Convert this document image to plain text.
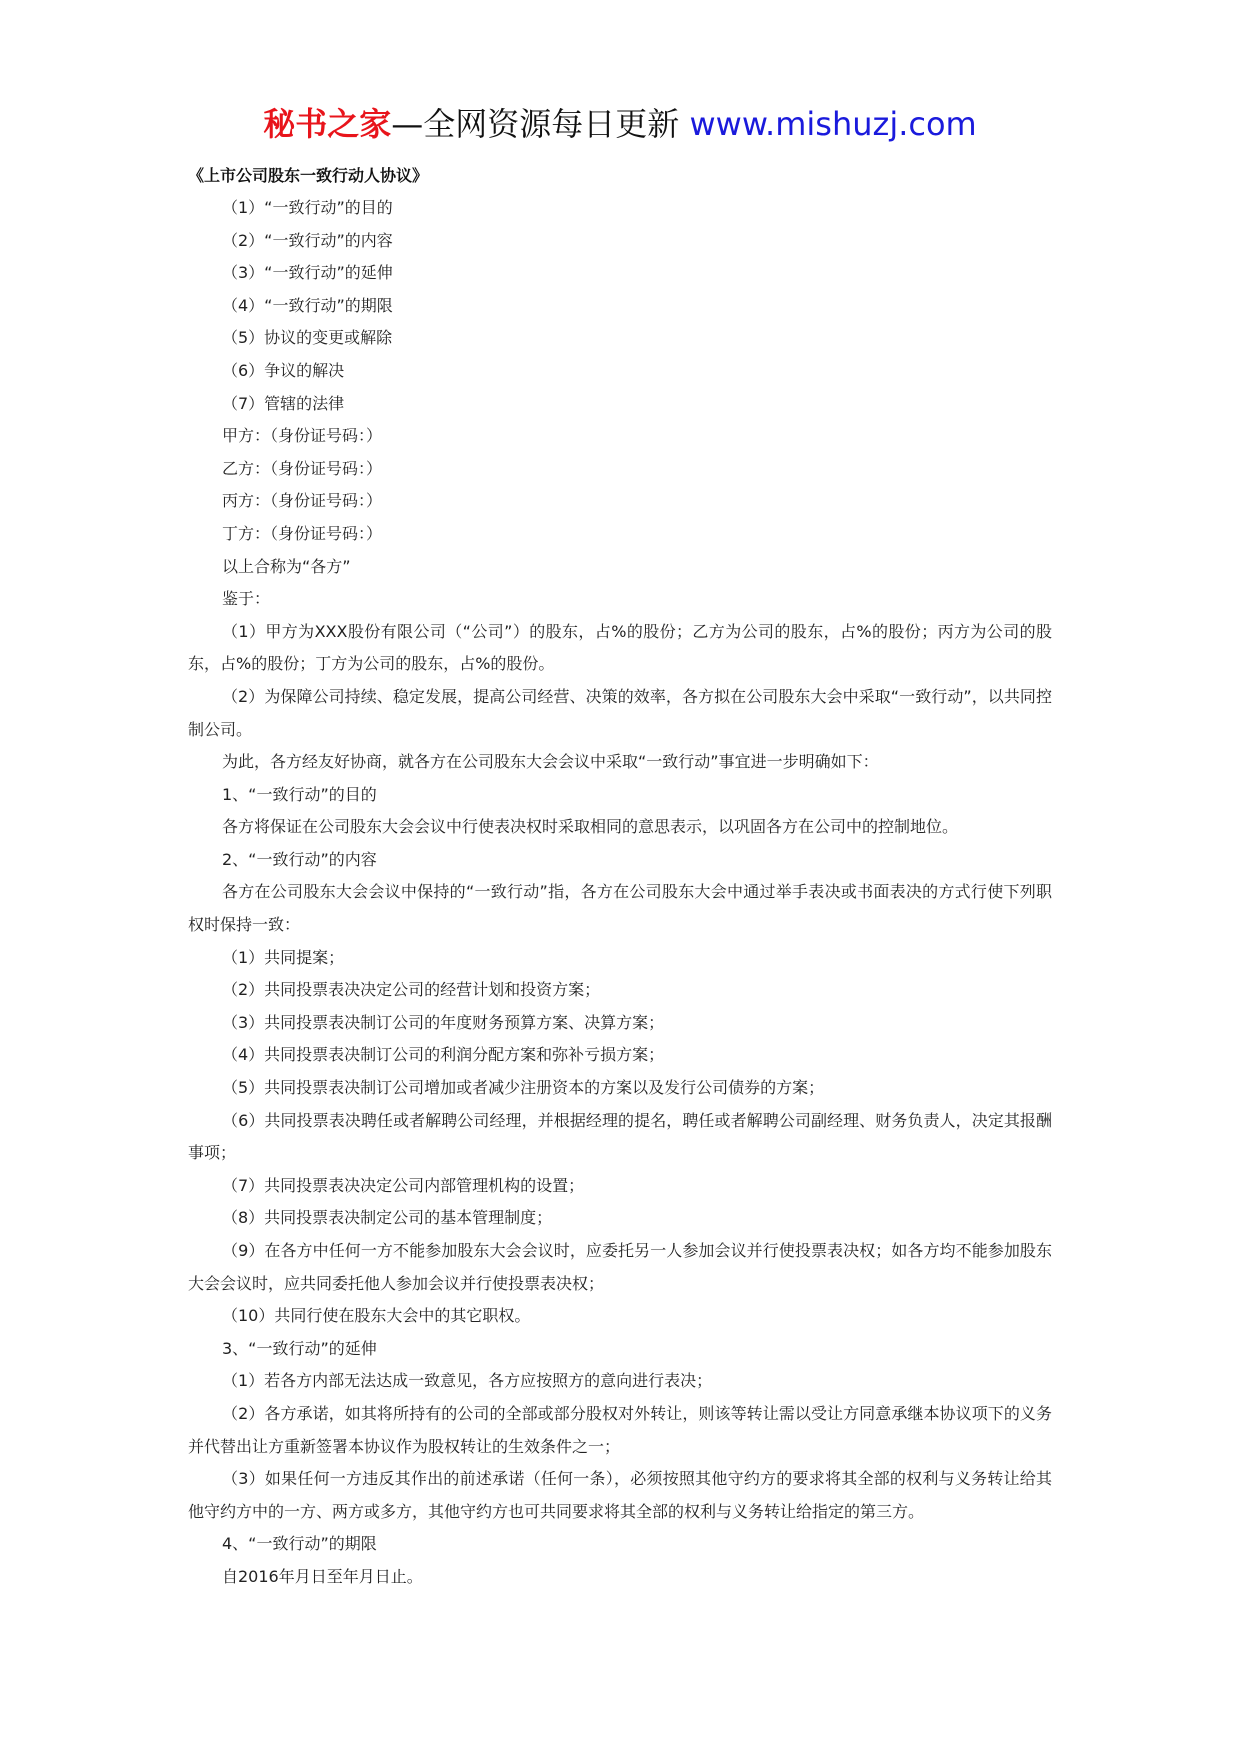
秘书之家—全网资源每日更新 www.mishuzj.com
《上市公司股东一致行动人协议》

（1）“一致行动”的目的

（2）“一致行动”的内容

（3）“一致行动”的延伸

（4）“一致行动”的期限

（5）协议的变更或解除

（6）争议的解决

（7）管辖的法律

甲方：（身份证号码：）

乙方：（身份证号码：）

丙方：（身份证号码：）

丁方：（身份证号码：）

以上合称为“各方”

鉴于：

（1）甲方为XXX股份有限公司（“公司”）的股东，占%的股份；乙方为公司的股东，占%的股份；丙方为公司的股东，占%的股份；丁方为公司的股东，占%的股份。

（2）为保障公司持续、稳定发展，提高公司经营、决策的效率，各方拟在公司股东大会中采取“一致行动”，以共同控制公司。

为此，各方经友好协商，就各方在公司股东大会会议中采取“一致行动”事宜进一步明确如下：

1、“一致行动”的目的

各方将保证在公司股东大会会议中行使表决权时采取相同的意思表示，以巩固各方在公司中的控制地位。

2、“一致行动”的内容

各方在公司股东大会会议中保持的“一致行动”指，各方在公司股东大会中通过举手表决或书面表决的方式行使下列职权时保持一致：

（1）共同提案；

（2）共同投票表决决定公司的经营计划和投资方案；

（3）共同投票表决制订公司的年度财务预算方案、决算方案；

（4）共同投票表决制订公司的利润分配方案和弥补亏损方案；

（5）共同投票表决制订公司增加或者减少注册资本的方案以及发行公司债券的方案；

（6）共同投票表决聘任或者解聘公司经理，并根据经理的提名，聘任或者解聘公司副经理、财务负责人，决定其报酬事项；

（7）共同投票表决决定公司内部管理机构的设置；

（8）共同投票表决制定公司的基本管理制度；

（9）在各方中任何一方不能参加股东大会会议时，应委托另一人参加会议并行使投票表决权；如各方均不能参加股东大会会议时，应共同委托他人参加会议并行使投票表决权；

（10）共同行使在股东大会中的其它职权。

3、“一致行动”的延伸

（1）若各方内部无法达成一致意见，各方应按照方的意向进行表决；

（2）各方承诺，如其将所持有的公司的全部或部分股权对外转让，则该等转让需以受让方同意承继本协议项下的义务并代替出让方重新签署本协议作为股权转让的生效条件之一；

（3）如果任何一方违反其作出的前述承诺（任何一条），必须按照其他守约方的要求将其全部的权利与义务转让给其他守约方中的一方、两方或多方，其他守约方也可共同要求将其全部的权利与义务转让给指定的第三方。

4、“一致行动”的期限

自2016年月日至年月日止。
